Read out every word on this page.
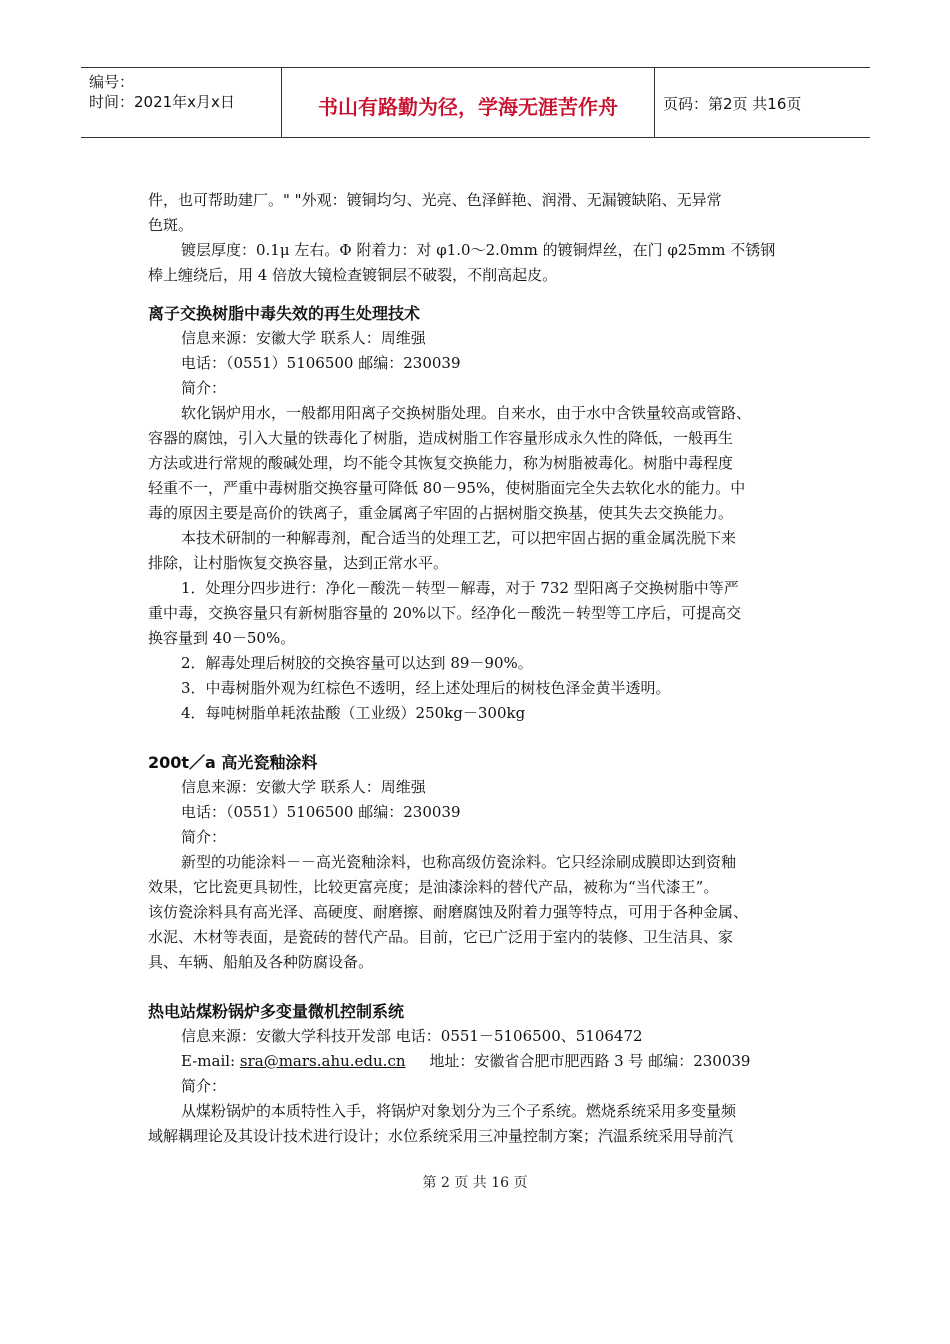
编号：
时间：2021年x月x日	书山有路勤为径，学海无涯苦作舟	页码：第2页 共16页

件，也可帮助建厂。" "外观：镀铜均匀、光亮、色泽鲜艳、润滑、无漏镀缺陷、无异常

色斑。

镀层厚度：0.1μ 左右。Φ 附着力：对 φ1.0～2.0mm 的镀铜焊丝，在门 φ25mm 不锈钢

棒上缠绕后，用 4 倍放大镜检查镀铜层不破裂，不削高起皮。

离子交换树脂中毒失效的再生处理技术

信息来源：安徽大学 联系人：周维强

电话：（0551）5106500 邮编：230039

简介：

软化锅炉用水，一般都用阳离子交换树脂处理。自来水，由于水中含铁量较高或管路、

容器的腐蚀，引入大量的铁毒化了树脂，造成树脂工作容量形成永久性的降低，一般再生

方法或进行常规的酸碱处理，均不能令其恢复交换能力，称为树脂被毒化。树脂中毒程度

轻重不一，严重中毒树脂交换容量可降低 80－95%，使树脂面完全失去软化水的能力。中

毒的原因主要是高价的铁离子，重金属离子牢固的占据树脂交换基，使其失去交换能力。

本技术研制的一种解毒剂，配合适当的处理工艺，可以把牢固占据的重金属洗脱下来

排除，让村脂恢复交换容量，达到正常水平。

1．处理分四步进行：净化－酸洗－转型－解毒，对于 732 型阳离子交换树脂中等严

重中毒，交换容量只有新树脂容量的 20%以下。经净化－酸洗－转型等工序后，可提高交

换容量到 40－50%。

2．解毒处理后树胶的交换容量可以达到 89－90%。

3．中毒树脂外观为红棕色不透明，经上述处理后的树枝色泽金黄半透明。

4．每吨树脂单耗浓盐酸（工业级）250kg－300kg

200t／a 高光瓷釉涂料

信息来源：安徽大学 联系人：周维强

电话：（0551）5106500 邮编：230039

简介：

新型的功能涂料－－高光瓷釉涂料，也称高级仿瓷涂料。它只经涂刷成膜即达到资釉

效果，它比瓷更具韧性，比较更富亮度；是油漆涂料的替代产品，被称为“当代漆王”。

该仿瓷涂料具有高光泽、高硬度、耐磨擦、耐磨腐蚀及附着力强等特点，可用于各种金属、

水泥、木材等表面，是瓷砖的替代产品。目前，它已广泛用于室内的装修、卫生洁具、家

具、车辆、船舶及各种防腐设备。

热电站煤粉锅炉多变量微机控制系统

信息来源：安徽大学科技开发部 电话：0551－5106500、5106472

E-mail: sra@mars.ahu.edu.cn     地址：安徽省合肥市肥西路 3 号 邮编：230039

简介：

从煤粉锅炉的本质特性入手，将锅炉对象划分为三个子系统。燃烧系统采用多变量频

域解耦理论及其设计技术进行设计；水位系统采用三冲量控制方案；汽温系统采用导前汽

第 2 页 共 16 页
